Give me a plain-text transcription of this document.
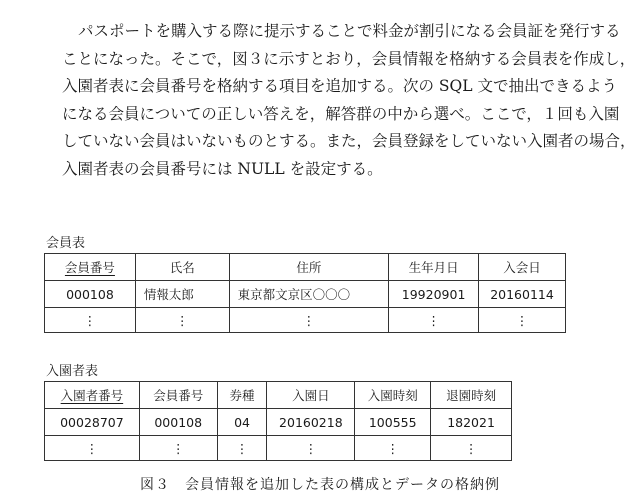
パスポートを購入する際に提示することで料金が割引になる会員証を発行する
ことになった。そこで，図３に示すとおり，会員情報を格納する会員表を作成し，
入園者表に会員番号を格納する項目を追加する。次の SQL 文で抽出できるよう
になる会員についての正しい答えを，解答群の中から選べ。ここで，１回も入園
していない会員はいないものとする。また，会員登録をしていない入園者の場合，
入園者表の会員番号には NULL を設定する。
会員表
会員番号	氏名	住所	生年月日	入会日
000108	情報太郎	東京都文京区〇〇〇	19920901	20160114
⋮	⋮	⋮	⋮	⋮
入園者表
入園者番号	会員番号	券種	入園日	入園時刻	退園時刻
00028707	000108	04	20160218	100555	182021
⋮	⋮	⋮	⋮	⋮	⋮
図３　会員情報を追加した表の構成とデータの格納例
